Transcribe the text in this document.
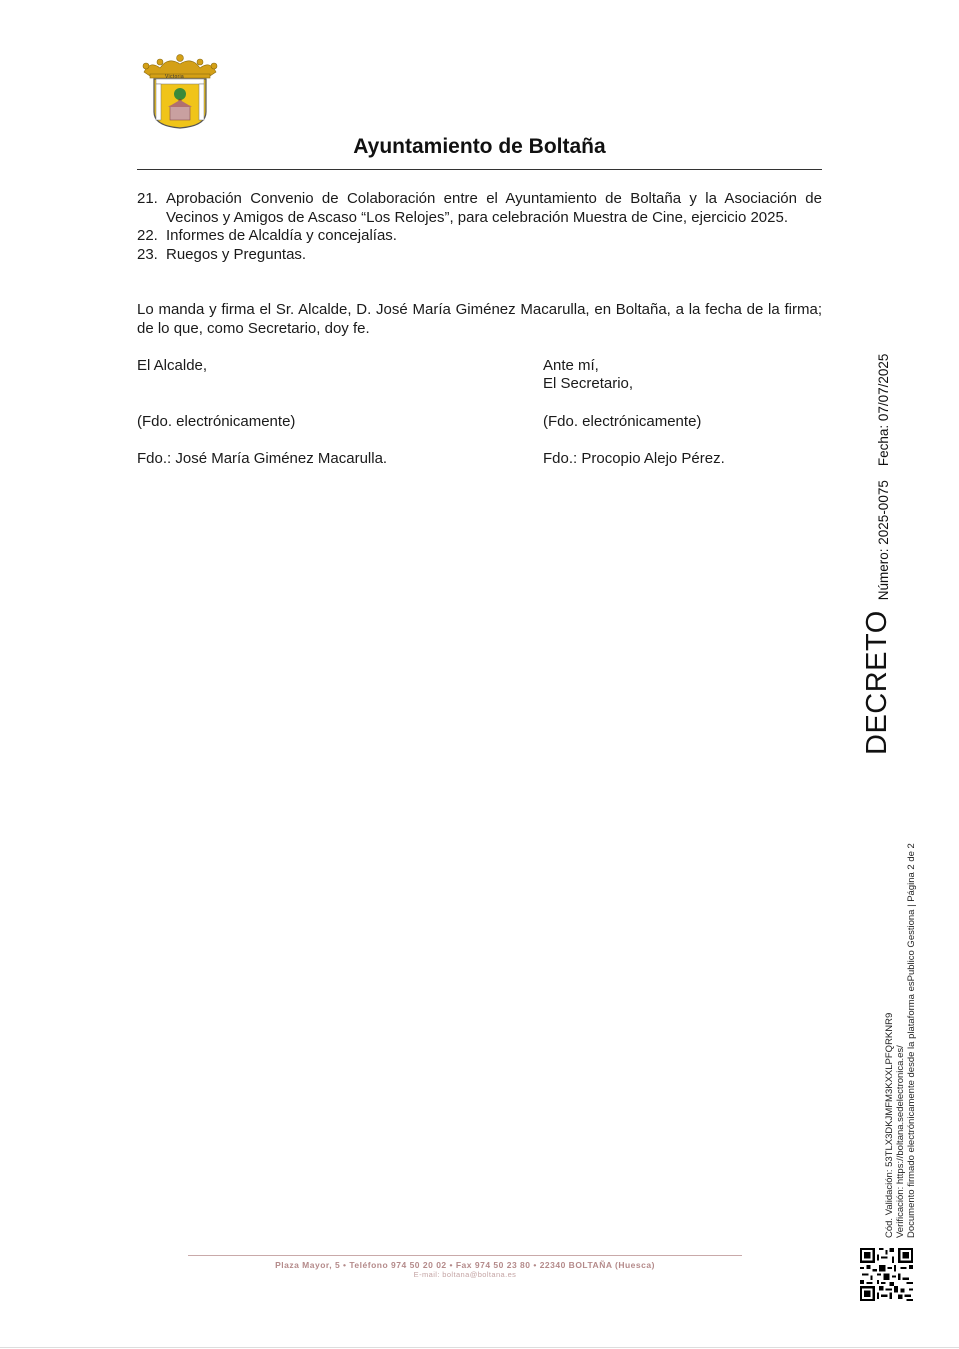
Victoria
Ayuntamiento de Boltaña
21. Aprobación Convenio de Colaboración entre el Ayuntamiento de Boltaña y la Asociación de Vecinos y Amigos de Ascaso “Los Relojes”, para celebración Muestra de Cine, ejercicio 2025.
22. Informes de Alcaldía y concejalías.
23. Ruegos y Preguntas.

Lo manda y firma el Sr. Alcalde, D. José María Giménez Macarulla, en Boltaña, a la fecha de la firma; de lo que, como Secretario, doy fe.

El Alcalde,
(Fdo. electrónicamente)
Fdo.: José María Giménez Macarulla.
Ante mí,
El Secretario,
(Fdo. electrónicamente)
Fdo.: Procopio Alejo Pérez.
DECRETO
Número: 2025-0075
Fecha: 07/07/2025
Cód. Validación: 53TLX3DKJMFM3KXXLPFQRKNR9 Verificación: https://boltana.sedelectronica.es/ Documento firmado electrónicamente desde la plataforma esPublico Gestiona | Página 2 de 2
Plaza Mayor, 5 • Teléfono 974 50 20 02 • Fax 974 50 23 80 • 22340 BOLTAÑA (Huesca)
E-mail: boltana@boltana.es
